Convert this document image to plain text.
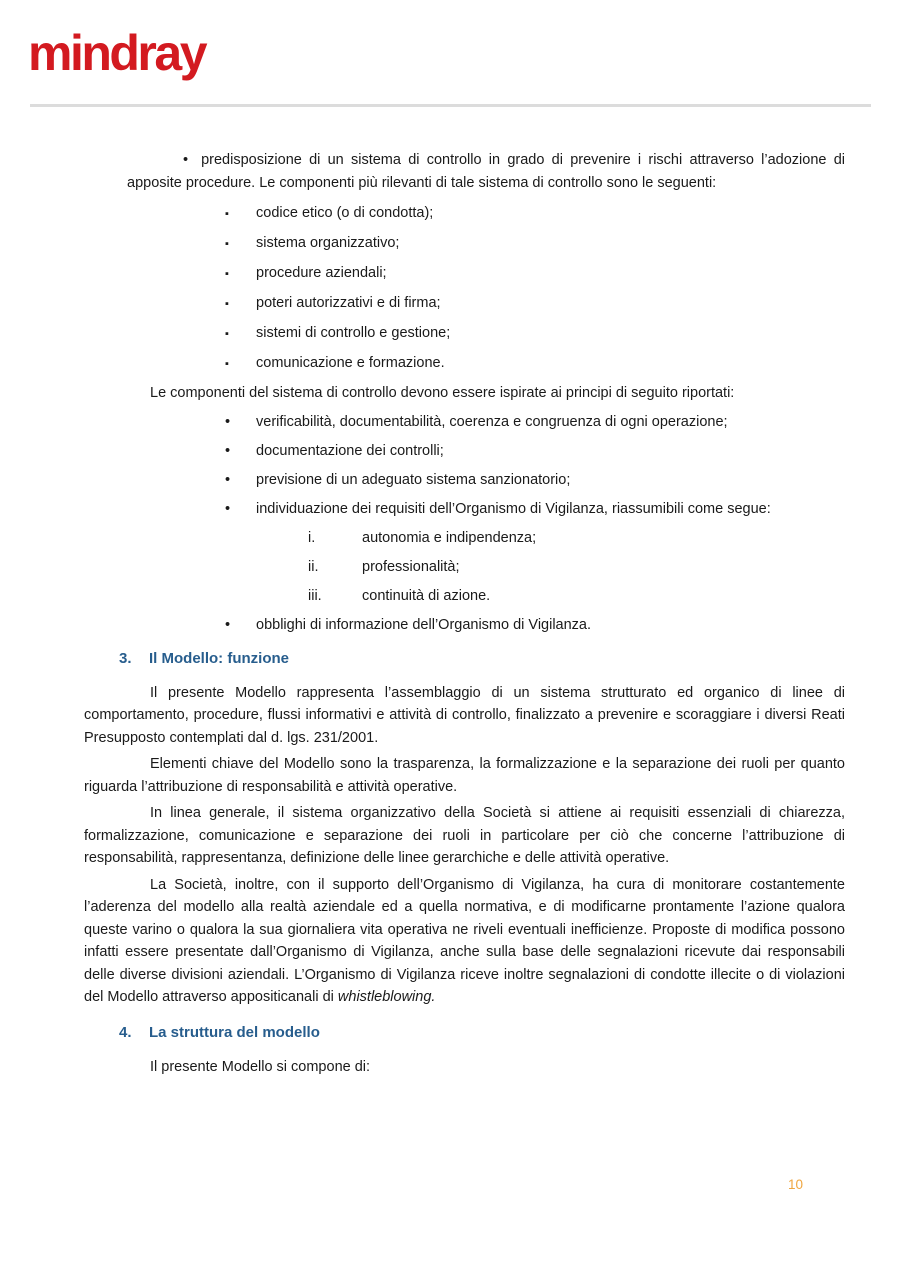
mindray

• predisposizione di un sistema di controllo in grado di prevenire i rischi attraverso l’adozione di apposite procedure. Le componenti più rilevanti di tale sistema di controllo sono le seguenti:

▪ codice etico (o di condotta);
▪ sistema organizzativo;
▪ procedure aziendali;
▪ poteri autorizzativi e di firma;
▪ sistemi di controllo e gestione;
▪ comunicazione e formazione.

Le componenti del sistema di controllo devono essere ispirate ai principi di seguito riportati:

• verificabilità, documentabilità, coerenza e congruenza di ogni operazione;
• documentazione dei controlli;
• previsione di un adeguato sistema sanzionatorio;
• individuazione dei requisiti dell’Organismo di Vigilanza, riassumibili come segue:
i.	autonomia e indipendenza;
ii.	professionalità;
iii.	continuità di azione.
• obblighi di informazione dell’Organismo di Vigilanza.
3. Il Modello: funzione

Il presente Modello rappresenta l’assemblaggio di un sistema strutturato ed organico di linee di comportamento, procedure, flussi informativi e attività di controllo, finalizzato a prevenire e scoraggiare i diversi Reati Presupposto contemplati dal d. lgs. 231/2001.

Elementi chiave del Modello sono la trasparenza, la formalizzazione e la separazione dei ruoli per quanto riguarda l’attribuzione di responsabilità e attività operative.

In linea generale, il sistema organizzativo della Società si attiene ai requisiti essenziali di chiarezza, formalizzazione, comunicazione e separazione dei ruoli in particolare per ciò che concerne l’attribuzione di responsabilità, rappresentanza, definizione delle linee gerarchiche e delle attività operative.

La Società, inoltre, con il supporto dell’Organismo di Vigilanza, ha cura di monitorare costantemente l’aderenza del modello alla realtà aziendale ed a quella normativa, e di modificarne prontamente l’azione qualora queste varino o qualora la sua giornaliera vita operativa ne riveli eventuali inefficienze. Proposte di modifica possono infatti essere presentate dall’Organismo di Vigilanza, anche sulla base delle segnalazioni ricevute dai responsabili delle diverse divisioni aziendali. L’Organismo di Vigilanza riceve inoltre segnalazioni di condotte illecite o di violazioni del Modello attraverso appositicanali di whistleblowing.

4. La struttura del modello

Il presente Modello si compone di:

10
